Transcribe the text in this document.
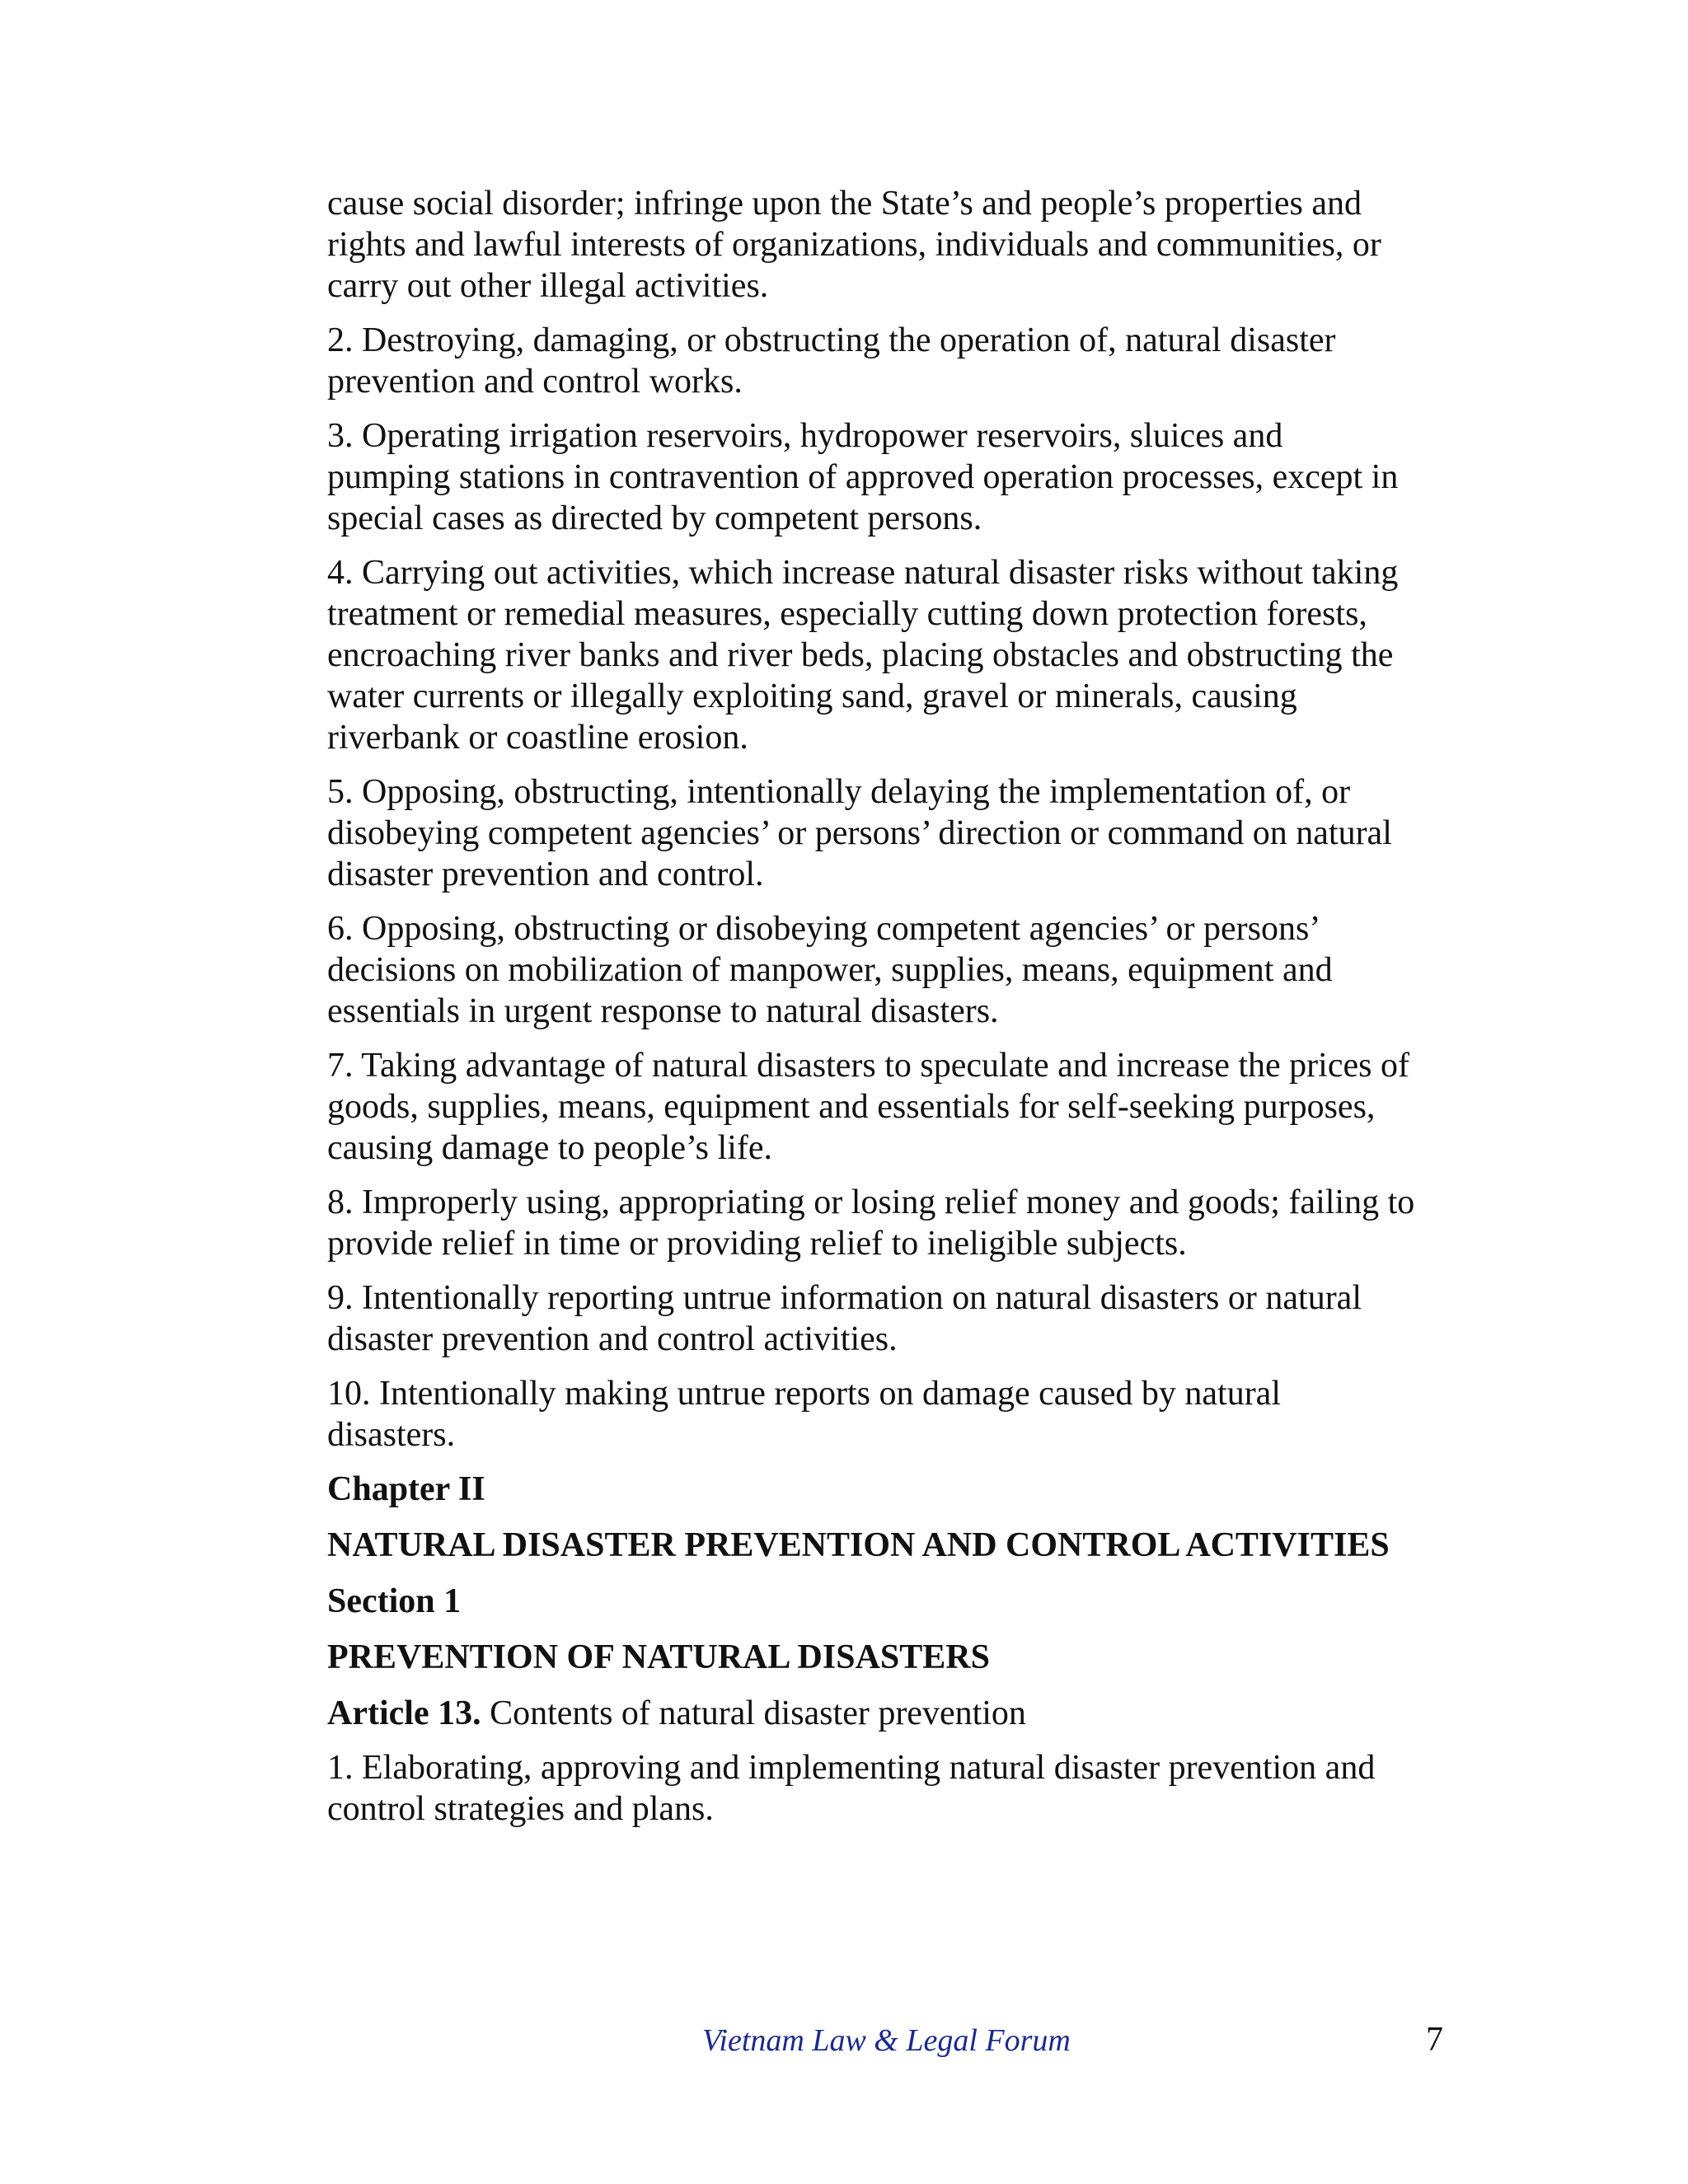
cause social disorder; infringe upon the State’s and people’s properties and
rights and lawful interests of organizations, individuals and communities, or
carry out other illegal activities.

2. Destroying, damaging, or obstructing the operation of, natural disaster
prevention and control works.

3. Operating irrigation reservoirs, hydropower reservoirs, sluices and
pumping stations in contravention of approved operation processes, except in
special cases as directed by competent persons.

4. Carrying out activities, which increase natural disaster risks without taking
treatment or remedial measures, especially cutting down protection forests,
encroaching river banks and river beds, placing obstacles and obstructing the
water currents or illegally exploiting sand, gravel or minerals, causing
riverbank or coastline erosion.

5. Opposing, obstructing, intentionally delaying the implementation of, or
disobeying competent agencies’ or persons’ direction or command on natural
disaster prevention and control.

6. Opposing, obstructing or disobeying competent agencies’ or persons’
decisions on mobilization of manpower, supplies, means, equipment and
essentials in urgent response to natural disasters.

7. Taking advantage of natural disasters to speculate and increase the prices of
goods, supplies, means, equipment and essentials for self-seeking purposes,
causing damage to people’s life.

8. Improperly using, appropriating or losing relief money and goods; failing to
provide relief in time or providing relief to ineligible subjects.

9. Intentionally reporting untrue information on natural disasters or natural
disaster prevention and control activities.

10. Intentionally making untrue reports on damage caused by natural
disasters.

Chapter II
NATURAL DISASTER PREVENTION AND CONTROL ACTIVITIES
Section 1
PREVENTION OF NATURAL DISASTERS

Article 13. Contents of natural disaster prevention

1. Elaborating, approving and implementing natural disaster prevention and
control strategies and plans.

Vietnam Law & Legal Forum	7
